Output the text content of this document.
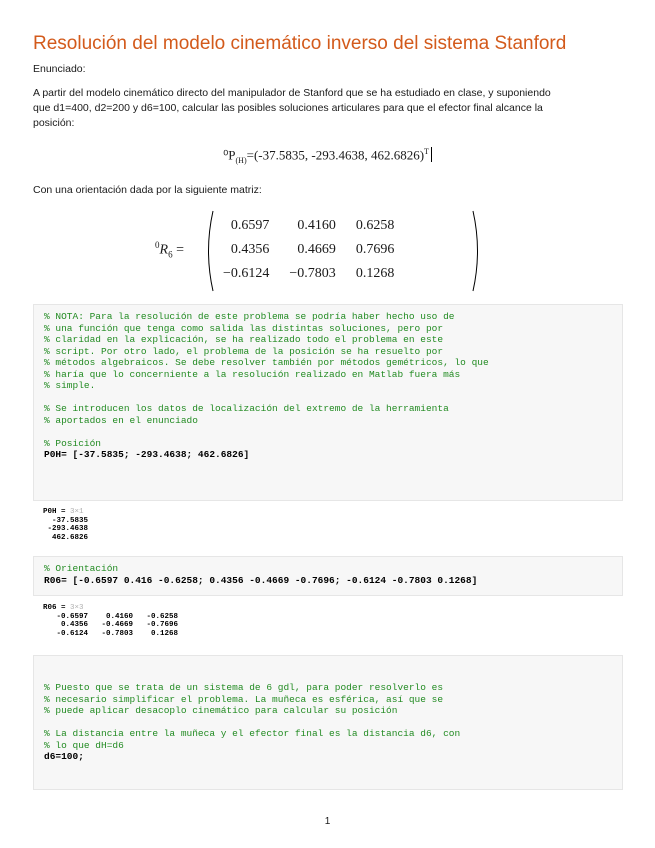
Resolución del modelo cinemático inverso del sistema Stanford
Enunciado:
A partir del modelo cinemático directo del manipulador de Stanford que se ha estudiado en clase, y suponiendo
que d1=400, d2=200 y d6=100, calcular las posibles soluciones articulares para que el efector final alcance la
posición:
$^0P_{(H)}=(-37.5835$, -293.4638, 462.6826)$^T$
Con una orientación dada por la siguiente matriz:
$^0R_6$ =
0.6597	0.4160	0.6258
0.4356	0.4669	0.7696
−0.6124	−0.7803	0.1268
% NOTA: Para la resolución de este problema se podría haber hecho uso de
% una función que tenga como salida las distintas soluciones, pero por
% claridad en la explicación, se ha realizado todo el problema en este
% script. Por otro lado, el problema de la posición se ha resuelto por
% métodos algebraicos. Se debe resolver también por métodos gemétricos, lo que
% haría que lo concerniente a la resolución realizado en Matlab fuera más
% simple.

% Se introducen los datos de localización del extremo de la herramienta
% aportados en el enunciado

% Posición
P0H= [-37.5835; -293.4638; 462.6826]
P0H = 3×1
-37.5835
-293.4638
462.6826
% Orientación
R06= [-0.6597 0.416 -0.6258; 0.4356 -0.4669 -0.7696; -0.6124 -0.7803 0.1268]
R06 = 3×3
-0.6597    0.4160   -0.6258
0.4356   -0.4669   -0.7696
-0.6124   -0.7803    0.1268
% Puesto que se trata de un sistema de 6 gdl, para poder resolverlo es
% necesario simplificar el problema. La muñeca es esférica, así que se
% puede aplicar desacoplo cinemático para calcular su posición

% La distancia entre la muñeca y el efector final es la distancia d6, con
% lo que dH=d6
d6=100;
1
